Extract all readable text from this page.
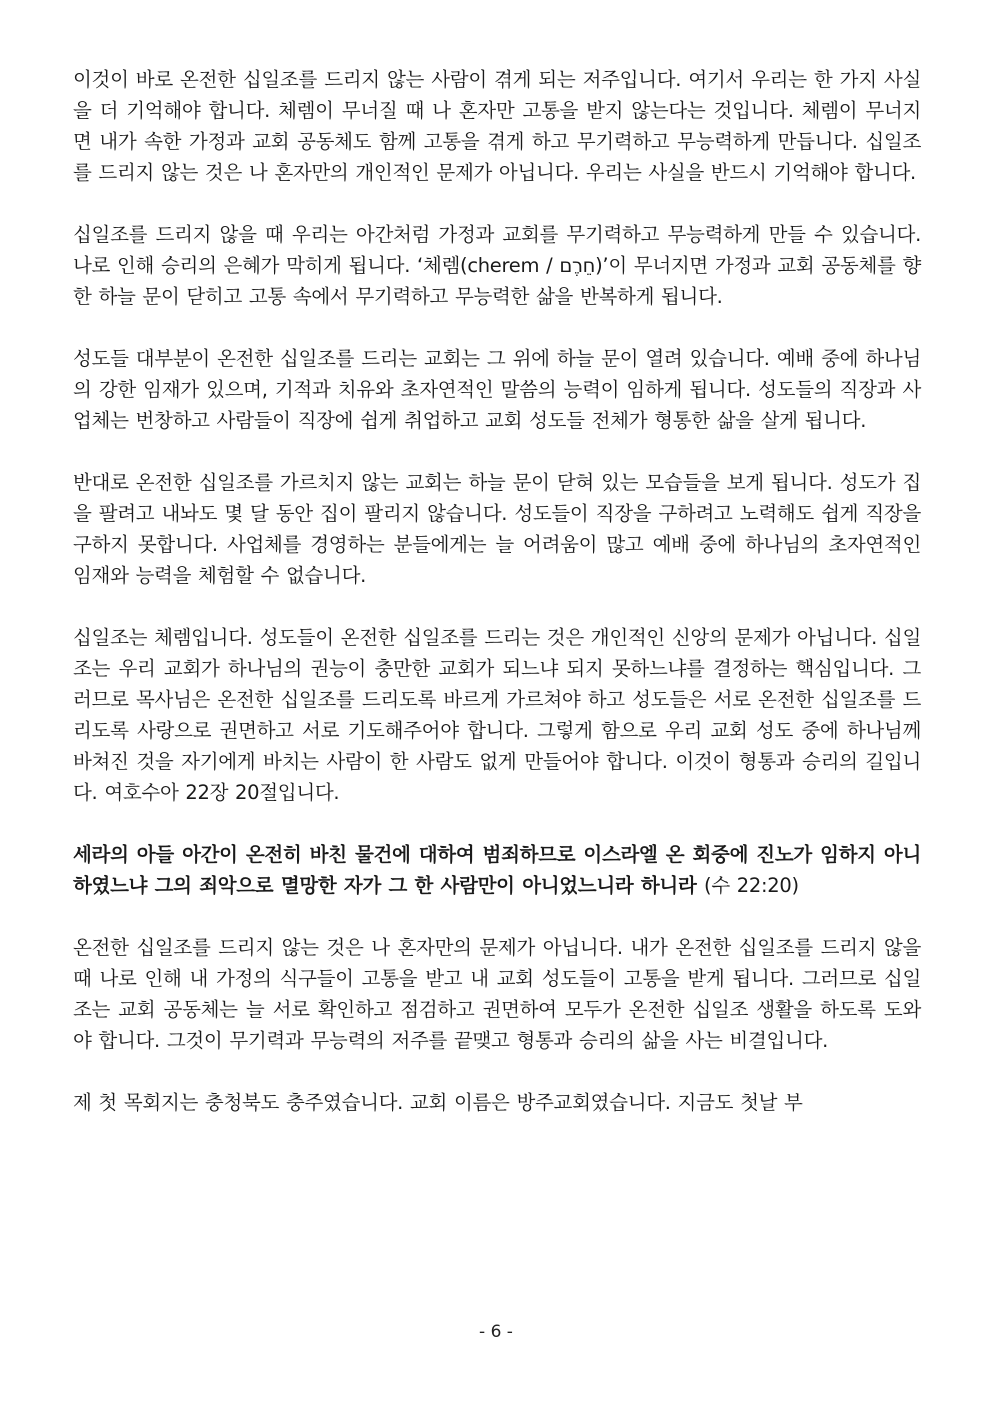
이것이 바로 온전한 십일조를 드리지 않는 사람이 겪게 되는 저주입니다. 여기서 우리는 한 가지 사실을 더 기억해야 합니다. 체렘이 무너질 때 나 혼자만 고통을 받지 않는다는 것입니다. 체렘이 무너지면 내가 속한 가정과 교회 공동체도 함께 고통을 겪게 하고 무기력하고 무능력하게 만듭니다. 십일조를 드리지 않는 것은 나 혼자만의 개인적인 문제가 아닙니다. 우리는 사실을 반드시 기억해야 합니다.

십일조를 드리지 않을 때 우리는 아간처럼 가정과 교회를 무기력하고 무능력하게 만들 수 있습니다. 나로 인해 승리의 은혜가 막히게 됩니다. ‘체렘(cherem / חֵרֶם)’이 무너지면 가정과 교회 공동체를 향한 하늘 문이 닫히고 고통 속에서 무기력하고 무능력한 삶을 반복하게 됩니다.

성도들 대부분이 온전한 십일조를 드리는 교회는 그 위에 하늘 문이 열려 있습니다. 예배 중에 하나님의 강한 임재가 있으며, 기적과 치유와 초자연적인 말씀의 능력이 임하게 됩니다. 성도들의 직장과 사업체는 번창하고 사람들이 직장에 쉽게 취업하고 교회 성도들 전체가 형통한 삶을 살게 됩니다.

반대로 온전한 십일조를 가르치지 않는 교회는 하늘 문이 닫혀 있는 모습들을 보게 됩니다. 성도가 집을 팔려고 내놔도 몇 달 동안 집이 팔리지 않습니다. 성도들이 직장을 구하려고 노력해도 쉽게 직장을 구하지 못합니다. 사업체를 경영하는 분들에게는 늘 어려움이 많고 예배 중에 하나님의 초자연적인 임재와 능력을 체험할 수 없습니다.

십일조는 체렘입니다. 성도들이 온전한 십일조를 드리는 것은 개인적인 신앙의 문제가 아닙니다. 십일조는 우리 교회가 하나님의 권능이 충만한 교회가 되느냐 되지 못하느냐를 결정하는 핵심입니다. 그러므로 목사님은 온전한 십일조를 드리도록 바르게 가르쳐야 하고 성도들은 서로 온전한 십일조를 드리도록 사랑으로 권면하고 서로 기도해주어야 합니다. 그렇게 함으로 우리 교회 성도 중에 하나님께 바쳐진 것을 자기에게 바치는 사람이 한 사람도 없게 만들어야 합니다. 이것이 형통과 승리의 길입니다. 여호수아 22장 20절입니다.

세라의 아들 아간이 온전히 바친 물건에 대하여 범죄하므로 이스라엘 온 회중에 진노가 임하지 아니하였느냐 그의 죄악으로 멸망한 자가 그 한 사람만이 아니었느니라 하니라 (수 22:20)

온전한 십일조를 드리지 않는 것은 나 혼자만의 문제가 아닙니다. 내가 온전한 십일조를 드리지 않을 때 나로 인해 내 가정의 식구들이 고통을 받고 내 교회 성도들이 고통을 받게 됩니다. 그러므로 십일조는 교회 공동체는 늘 서로 확인하고 점검하고 권면하여 모두가 온전한 십일조 생활을 하도록 도와야 합니다. 그것이 무기력과 무능력의 저주를 끝맺고 형통과 승리의 삶을 사는 비결입니다.

제 첫 목회지는 충청북도 충주였습니다. 교회 이름은 방주교회였습니다. 지금도 첫날 부

- 6 -
